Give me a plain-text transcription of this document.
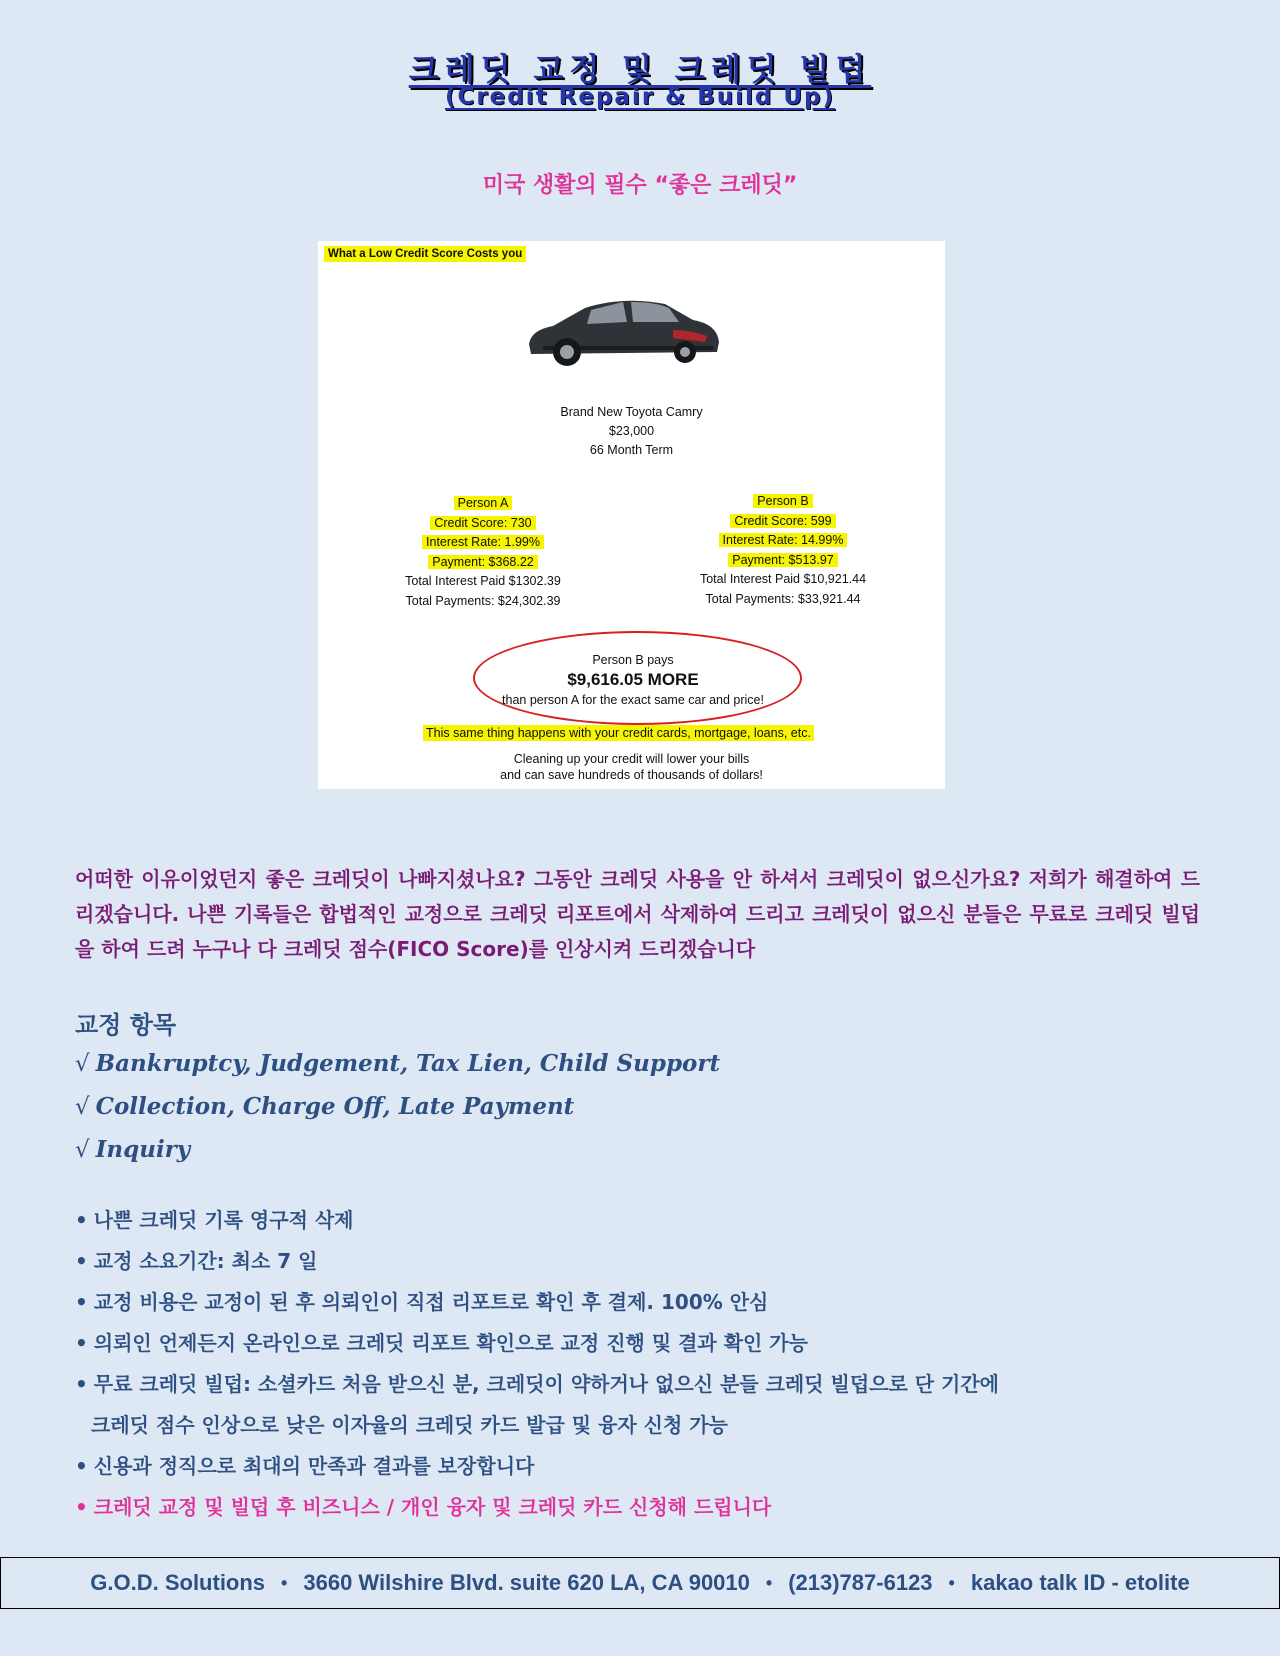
크레딧 교정 및 크레딧 빌덥
(Credit Repair & Build Up)
미국 생활의 필수 “좋은 크레딧”
What a Low Credit Score Costs you
Brand New Toyota Camry
$23,000
66 Month Term
Person A
Credit Score: 730
Interest Rate: 1.99%
Payment: $368.22
Total Interest Paid $1302.39
Total Payments: $24,302.39
Person B
Credit Score: 599
Interest Rate: 14.99%
Payment: $513.97
Total Interest Paid $10,921.44
Total Payments: $33,921.44
Person B pays
$9,616.05 MORE
than person A for the exact same car and price!
This same thing happens with your credit cards, mortgage, loans, etc.
Cleaning up your credit will lower your bills
and can save hundreds of thousands of dollars!
어떠한 이유이었던지 좋은 크레딧이 나빠지셨나요? 그동안 크레딧 사용을 안 하셔서 크레딧이 없으신가요? 저희가 해결하여 드리겠습니다. 나쁜 기록들은 합법적인 교정으로 크레딧 리포트에서 삭제하여 드리고 크레딧이 없으신 분들은 무료로 크레딧 빌덥을 하여 드려 누구나 다 크레딧 점수(FICO Score)를 인상시켜 드리겠습니다
교정 항목
√ Bankruptcy, Judgement, Tax Lien, Child Support
√ Collection, Charge Off, Late Payment
√ Inquiry
• 나쁜 크레딧 기록 영구적 삭제
• 교정 소요기간: 최소 7 일
• 교정 비용은 교정이 된 후 의뢰인이 직접 리포트로 확인 후 결제. 100% 안심
• 의뢰인 언제든지 온라인으로 크레딧 리포트 확인으로 교정 진행 및 결과 확인 가능
• 무료 크레딧 빌덥: 소셜카드 처음 받으신 분, 크레딧이 약하거나 없으신 분들 크레딧 빌덥으로 단 기간에
크레딧 점수 인상으로 낮은 이자율의 크레딧 카드 발급 및 융자 신청 가능
• 신용과 정직으로 최대의 만족과 결과를 보장합니다
• 크레딧 교정 및 빌덥 후 비즈니스 / 개인 융자 및 크레딧 카드 신청해 드립니다
G.O.D. Solutions • 3660 Wilshire Blvd. suite 620 LA, CA 90010 • (213)787-6123 • kakao talk ID - etolite
